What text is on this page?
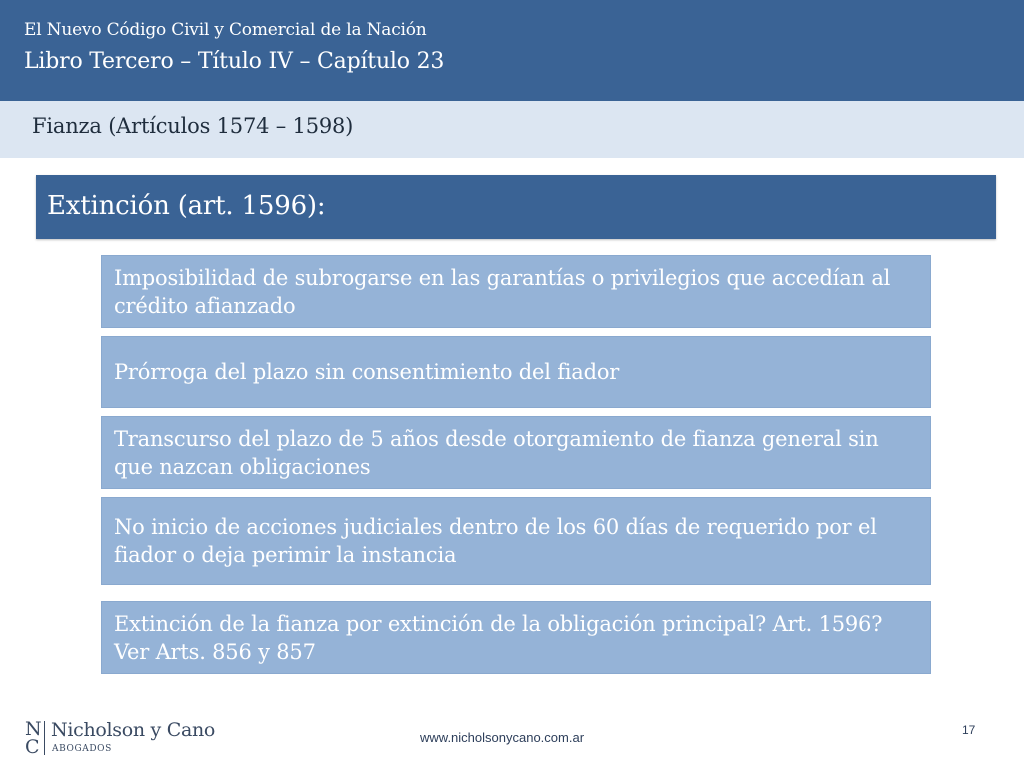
El Nuevo Código Civil y Comercial de la Nación
Libro Tercero – Título IV – Capítulo 23
Fianza (Artículos 1574 – 1598)
Extinción (art. 1596):
Imposibilidad de subrogarse en las garantías o privilegios que accedían al crédito afianzado
Prórroga del plazo sin consentimiento del fiador
Transcurso del plazo de 5 años desde otorgamiento de fianza general sin que nazcan obligaciones
No inicio de acciones judiciales dentro de los 60 días de requerido por el fiador o deja perimir la instancia
Extinción de la fianza por extinción de la obligación principal? Art. 1596? Ver Arts. 856 y 857
N
C
Nicholson y Cano
ABOGADOS
www.nicholsonycano.com.ar	17
